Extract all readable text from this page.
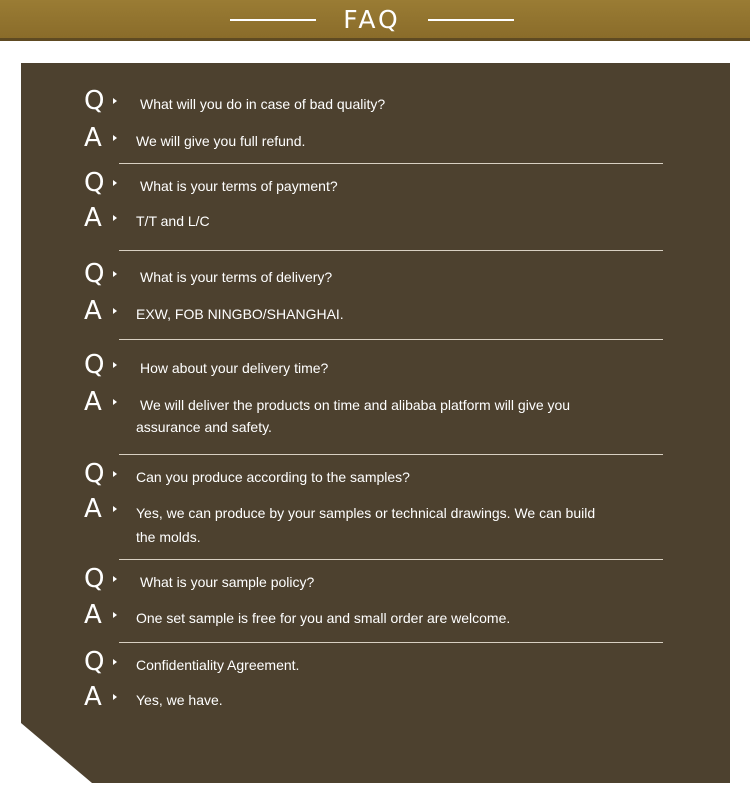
FAQ
Q	What will you do in case of bad quality?
A	We will give you full refund.
Q	What is your terms of payment?
A	T/T and L/C
Q	What is your terms of delivery?
A	EXW, FOB NINGBO/SHANGHAI.
Q	How about your delivery time?
A	We will deliver the products on time and alibaba platform will give you assurance and safety.
Q	Can you produce according to the samples?
A	Yes, we can produce by your samples or technical drawings. We can build the molds.
Q	What is your sample policy?
A	One set sample is free for you and small order are welcome.
Q	Confidentiality Agreement.
A	Yes, we have.
